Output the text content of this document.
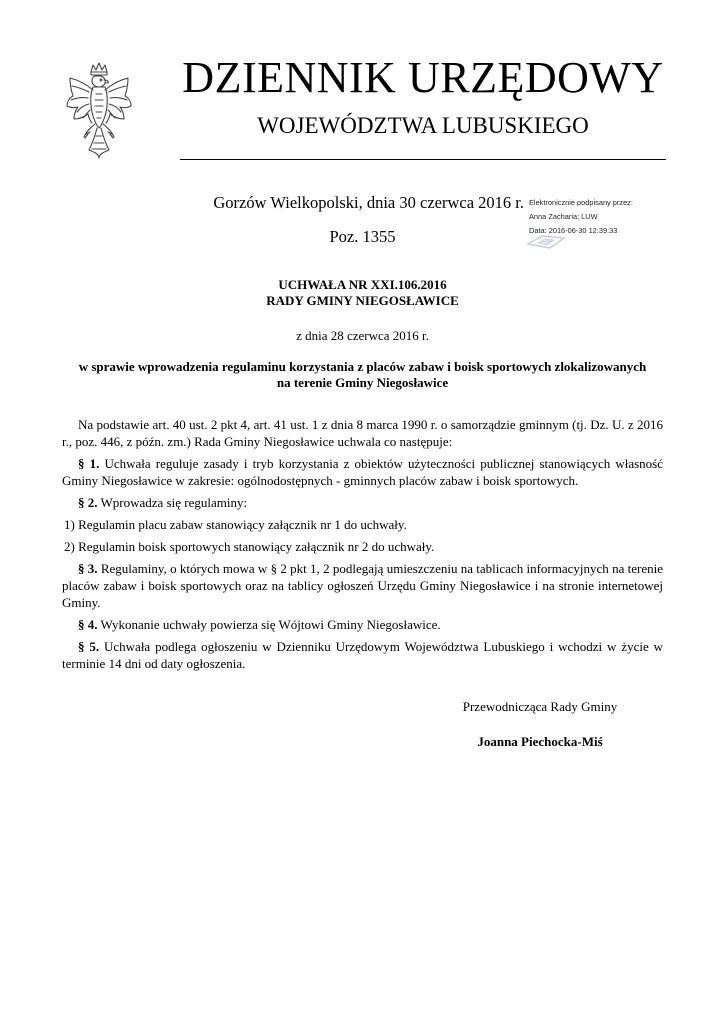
DZIENNIK URZĘDOWY
WOJEWÓDZTWA LUBUSKIEGO
Gorzów Wielkopolski, dnia 30 czerwca 2016 r.
Poz. 1355
Elektronicznie podpisany przez:
Anna Zacharia; LUW
Data: 2016-06-30 12:39:33
UCHWAŁA NR XXI.106.2016
RADY GMINY NIEGOSŁAWICE
z dnia 28 czerwca 2016 r.
w sprawie wprowadzenia regulaminu korzystania z placów zabaw i boisk sportowych zlokalizowanych
na terenie Gminy Niegosławice

Na podstawie art. 40 ust. 2 pkt 4, art. 41 ust. 1 z dnia 8 marca 1990 r. o samorządzie gminnym (tj. Dz. U. z 2016 r., poz. 446, z późn. zm.) Rada Gminy Niegosławice uchwala co następuje:

§ 1. Uchwała reguluje zasady i tryb korzystania z obiektów użyteczności publicznej stanowiących własność Gminy Niegosławice w zakresie: ogólnodostępnych - gminnych placów zabaw i boisk sportowych.

§ 2. Wprowadza się regulaminy:

1) Regulamin placu zabaw stanowiący załącznik nr 1 do uchwały.

2) Regulamin boisk sportowych stanowiący załącznik nr 2 do uchwały.

§ 3. Regulaminy, o których mowa w § 2 pkt 1, 2 podlegają umieszczeniu na tablicach informacyjnych na terenie placów zabaw i boisk sportowych oraz na tablicy ogłoszeń Urzędu Gminy Niegosławice i na stronie internetowej Gminy.

§ 4. Wykonanie uchwały powierza się Wójtowi Gminy Niegosławice.

§ 5. Uchwała podlega ogłoszeniu w Dzienniku Urzędowym Województwa Lubuskiego i wchodzi w życie w terminie 14 dni od daty ogłoszenia.

Przewodnicząca Rady Gminy
Joanna Piechocka-Miś
